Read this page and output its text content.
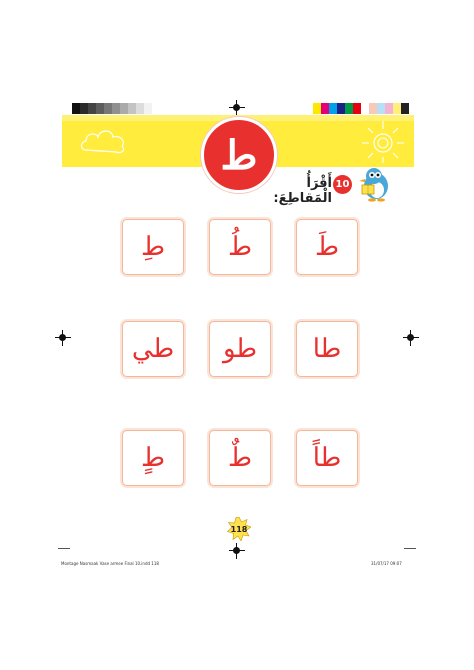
ط
أَقْرَأُ الْمَقاطِعَ:
10
طَ
طُ
طِ
طا
طو
طي
طاً
طٌ
طٍ
118
Montage Nasmaak Vase armee Final 10.indd 118	31/07/17 09:07
